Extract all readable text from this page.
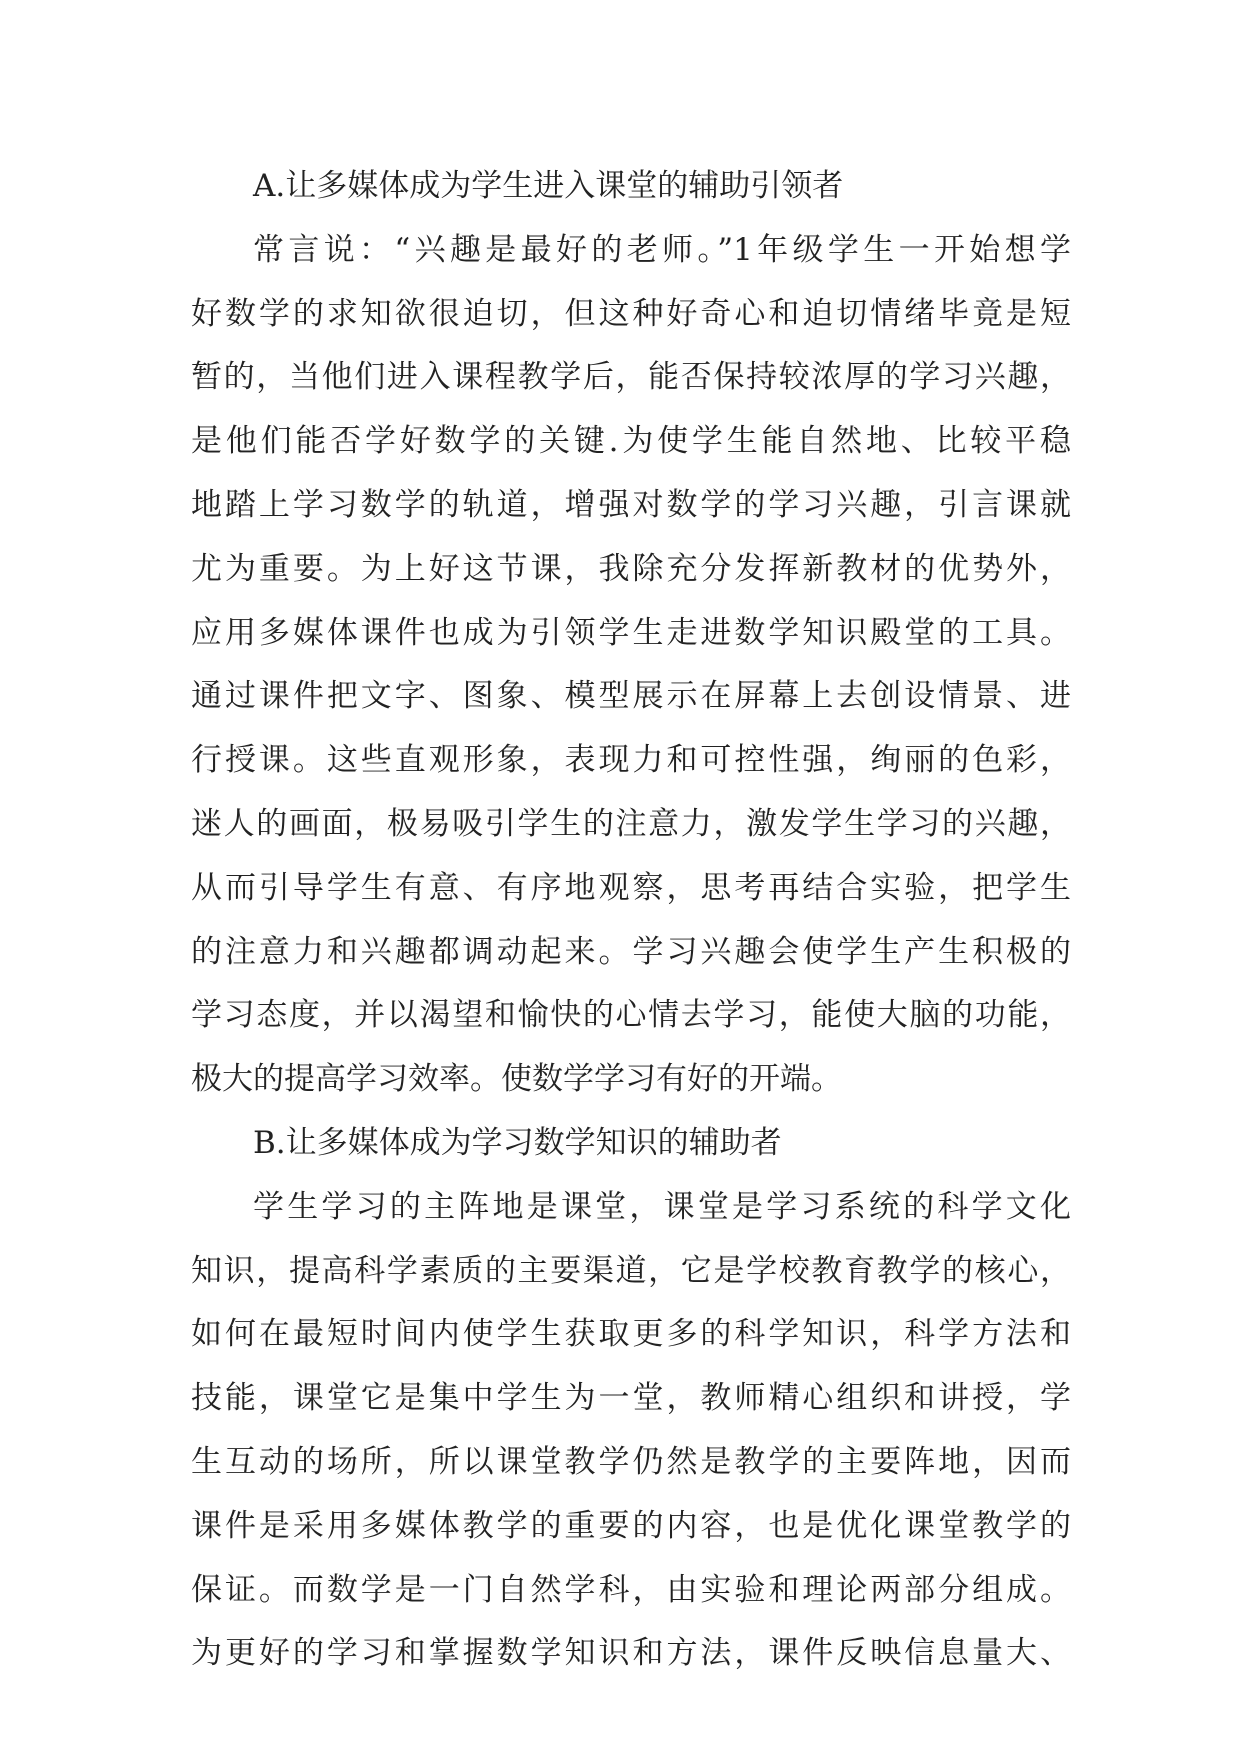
A.让多媒体成为学生进入课堂的辅助引领者
常言说：“兴趣是最好的老师。”1年级学生一开始想学
好数学的求知欲很迫切，但这种好奇心和迫切情绪毕竟是短
暂的，当他们进入课程教学后，能否保持较浓厚的学习兴趣，
是他们能否学好数学的关键.为使学生能自然地、比较平稳
地踏上学习数学的轨道，增强对数学的学习兴趣，引言课就
尤为重要。为上好这节课，我除充分发挥新教材的优势外，
应用多媒体课件也成为引领学生走进数学知识殿堂的工具。
通过课件把文字、图象、模型展示在屏幕上去创设情景、进
行授课。这些直观形象，表现力和可控性强，绚丽的色彩，
迷人的画面，极易吸引学生的注意力，激发学生学习的兴趣，
从而引导学生有意、有序地观察，思考再结合实验，把学生
的注意力和兴趣都调动起来。学习兴趣会使学生产生积极的
学习态度，并以渴望和愉快的心情去学习，能使大脑的功能，
极大的提高学习效率。使数学学习有好的开端。
B.让多媒体成为学习数学知识的辅助者
学生学习的主阵地是课堂，课堂是学习系统的科学文化
知识，提高科学素质的主要渠道，它是学校教育教学的核心，
如何在最短时间内使学生获取更多的科学知识，科学方法和
技能，课堂它是集中学生为一堂，教师精心组织和讲授，学
生互动的场所，所以课堂教学仍然是教学的主要阵地，因而
课件是采用多媒体教学的重要的内容，也是优化课堂教学的
保证。而数学是一门自然学科，由实验和理论两部分组成。
为更好的学习和掌握数学知识和方法，课件反映信息量大、
